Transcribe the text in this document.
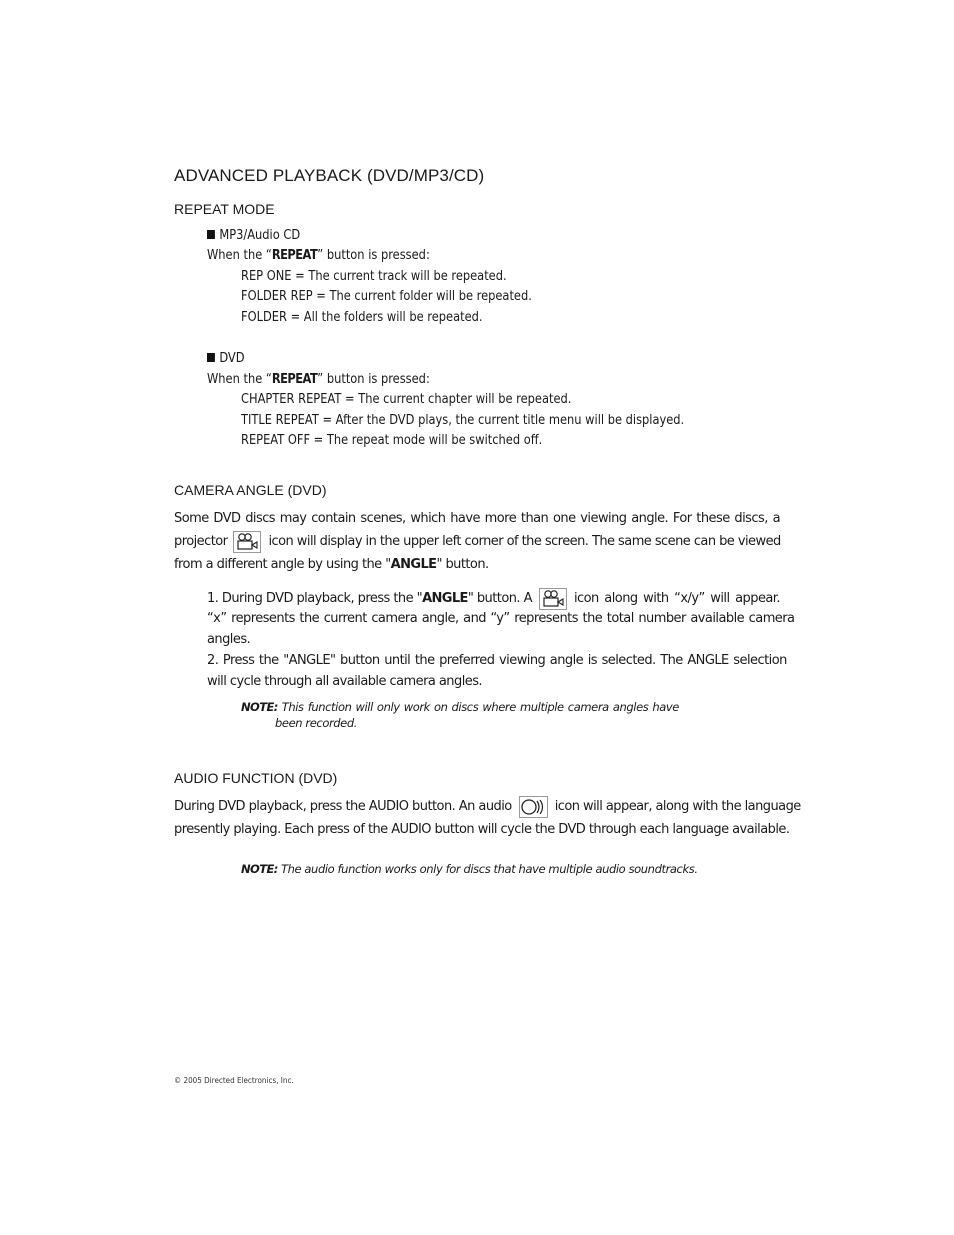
ADVANCED PLAYBACK (DVD/MP3/CD)
REPEAT MODE
MP3/Audio CD
When the “REPEAT” button is pressed:
REP ONE = The current track will be repeated.
FOLDER REP = The current folder will be repeated.
FOLDER = All the folders will be repeated.
DVD
When the “REPEAT” button is pressed:
CHAPTER REPEAT = The current chapter will be repeated.
TITLE REPEAT = After the DVD plays, the current title menu will be displayed.
REPEAT OFF = The repeat mode will be switched off.
CAMERA ANGLE (DVD)
Some DVD discs may contain scenes, which have more than one viewing angle. For these discs, a
projector	icon will display in the upper left corner of the screen. The same scene can be viewed
from a different angle by using the "ANGLE" button.
1. During DVD playback, press the " ANGLE " button. A	icon along with “x/y” will appear.
“x” represents the current camera angle, and “y” represents the total number available camera
angles.
2. Press the "ANGLE" button until the preferred viewing angle is selected. The ANGLE selection
will cycle through all available camera angles.
NOTE: This function will only work on discs where multiple camera angles have
been recorded.
AUDIO FUNCTION (DVD)
During DVD playback, press the AUDIO button. An audio	icon will appear, along with the language
presently playing. Each press of the AUDIO button will cycle the DVD through each language available.
NOTE: The audio function works only for discs that have multiple audio soundtracks.
© 2005 Directed Electronics, Inc.
